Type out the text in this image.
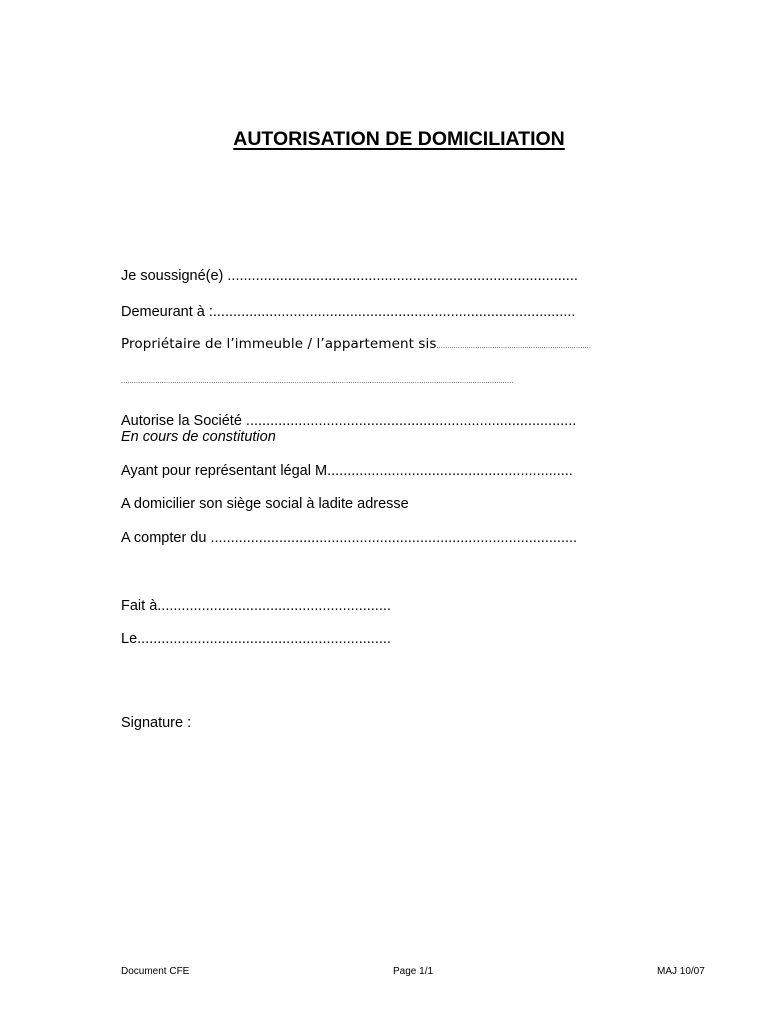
AUTORISATION DE DOMICILIATION
Je soussigné(e) .......................................................................................
Demeurant à :..........................................................................................
Propriétaire de l’immeuble / l’appartement sis........................................................................
.......................................................................................................................................................................................
Autorise la Société ..................................................................................
En cours de constitution
Ayant pour représentant légal M.............................................................
A domicilier son siège social à ladite adresse
A compter du ...........................................................................................
Fait à..........................................................
Le...............................................................
Signature :
Document CFE	Page 1/1	MAJ 10/07
